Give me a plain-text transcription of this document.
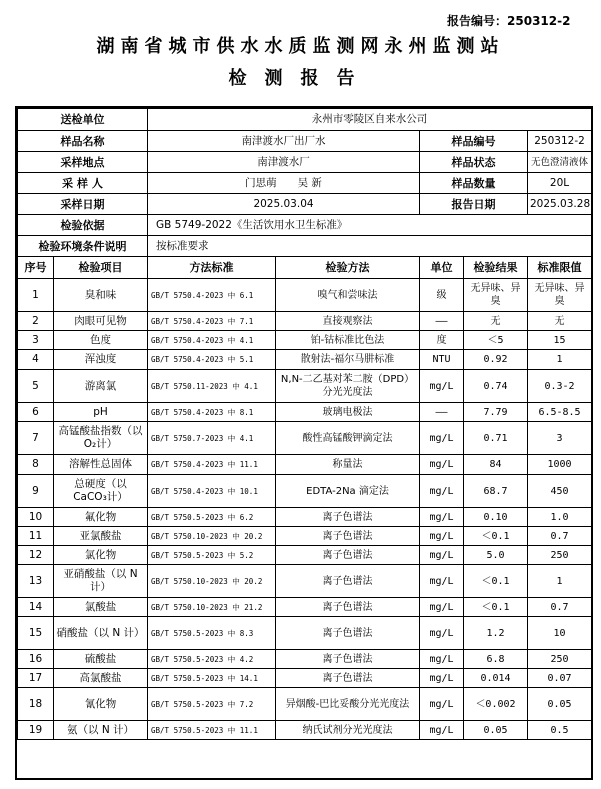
报告编号：250312-2
湖南省城市供水水质监测网永州监测站
检测报告
送检单位		永州市零陵区自来水公司				
样品名称		南津渡水厂出厂水		样品编号		250312-2
采样地点		南津渡水厂		样品状态		无色澄清液体
采 样 人		门思萌　　吴 新		样品数量		20L
采样日期		2025.03.04		报告日期		2025.03.28
检验依据		GB 5749-2022《生活饮用水卫生标准》				
检验环境条件说明		按标准要求				
序号	检验项目	方法标准	检验方法	单位	检验结果	标准限值
1	臭和味	GB/T 5750.4-2023 中 6.1	嗅气和尝味法	级	无异味、异臭	无异味、异臭
2	肉眼可见物	GB/T 5750.4-2023 中 7.1	直接观察法	——	无	无
3	色度	GB/T 5750.4-2023 中 4.1	铂-钴标准比色法	度	＜5	15
4	浑浊度	GB/T 5750.4-2023 中 5.1	散射法-福尔马肼标准	NTU	0.92	1
5	游离氯	GB/T 5750.11-2023 中 4.1	N,N-二乙基对苯二胺（DPD）分光光度法	mg/L	0.74	0.3-2
6	pH	GB/T 5750.4-2023 中 8.1	玻璃电极法	——	7.79	6.5-8.5
7	高锰酸盐指数（以 O₂计）	GB/T 5750.7-2023 中 4.1	酸性高锰酸钾滴定法	mg/L	0.71	3
8	溶解性总固体	GB/T 5750.4-2023 中 11.1	称量法	mg/L	84	1000
9	总硬度（以 CaCO₃计）	GB/T 5750.4-2023 中 10.1	EDTA-2Na 滴定法	mg/L	68.7	450
10	氟化物	GB/T 5750.5-2023 中 6.2	离子色谱法	mg/L	0.10	1.0
11	亚氯酸盐	GB/T 5750.10-2023 中 20.2	离子色谱法	mg/L	＜0.1	0.7
12	氯化物	GB/T 5750.5-2023 中 5.2	离子色谱法	mg/L	5.0	250
13	亚硝酸盐（以 N 计）	GB/T 5750.10-2023 中 20.2	离子色谱法	mg/L	＜0.1	1
14	氯酸盐	GB/T 5750.10-2023 中 21.2	离子色谱法	mg/L	＜0.1	0.7
15	硝酸盐（以 N 计）	GB/T 5750.5-2023 中 8.3	离子色谱法	mg/L	1.2	10
16	硫酸盐	GB/T 5750.5-2023 中 4.2	离子色谱法	mg/L	6.8	250
17	高氯酸盐	GB/T 5750.5-2023 中 14.1	离子色谱法	mg/L	0.014	0.07
18	氰化物	GB/T 5750.5-2023 中 7.2	异烟酸-巴比妥酸分光光度法	mg/L	＜0.002	0.05
19	氨（以 N 计）	GB/T 5750.5-2023 中 11.1	纳氏试剂分光光度法	mg/L	0.05	0.5
